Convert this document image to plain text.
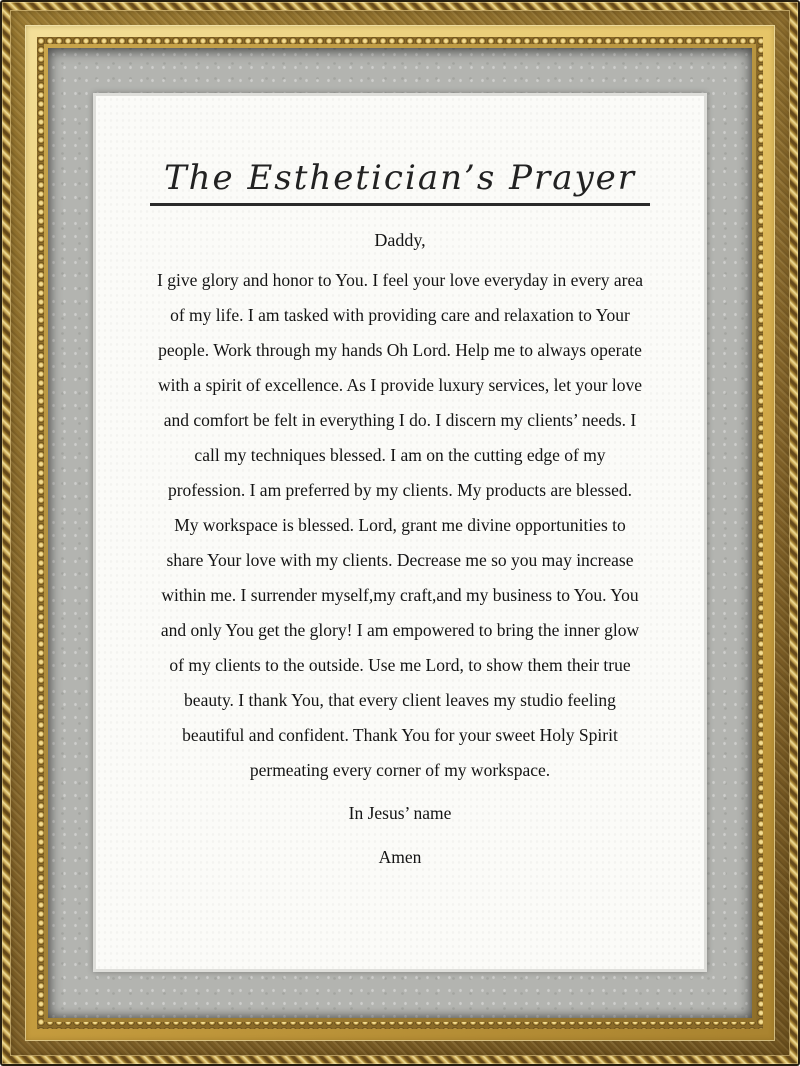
The Esthetician’s Prayer
Daddy,
I give glory and honor to You. I feel your love everyday in every area
of my life. I am tasked with providing care and relaxation to Your
people. Work through my hands Oh Lord. Help me to always operate
with a spirit of excellence. As I provide luxury services, let your love
and comfort be felt in everything I do. I discern my clients’ needs. I
call my techniques blessed. I am on the cutting edge of my
profession. I am preferred by my clients. My products are blessed.
My workspace is blessed. Lord, grant me divine opportunities to
share Your love with my clients. Decrease me so you may increase
within me. I surrender myself,my craft,and my business to You. You
and only You get the glory! I am empowered to bring the inner glow
of my clients to the outside. Use me Lord, to show them their true
beauty. I thank You, that every client leaves my studio feeling
beautiful and confident. Thank You for your sweet Holy Spirit
permeating every corner of my workspace.
In Jesus’ name
Amen
